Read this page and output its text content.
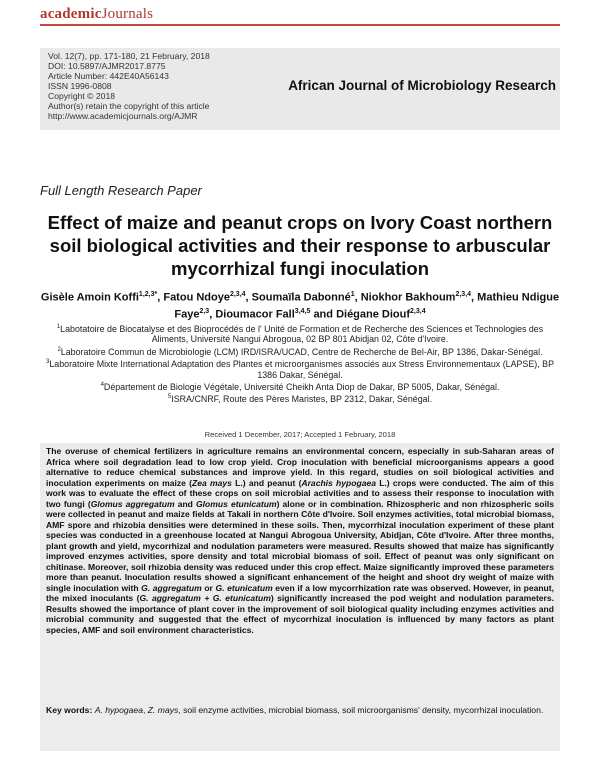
academicJournals
Vol. 12(7), pp. 171-180, 21 February, 2018
DOI: 10.5897/AJMR2017.8775
Article Number: 442E40A56143
ISSN 1996-0808
Copyright © 2018
Author(s) retain the copyright of this article
http://www.academicjournals.org/AJMR
African Journal of Microbiology Research
Full Length Research Paper
Effect of maize and peanut crops on Ivory Coast northern soil biological activities and their response to arbuscular mycorrhizal fungi inoculation
Gisèle Amoin Koffi$^{1,2,3*}$, Fatou Ndoye$^{2,3,4}$, Soumaïla Dabonné$^1$, Niokhor Bakhoum$^{2,3,4}$, Mathieu Ndigue Faye$^{2,3}$, Dioumacor Fall$^{3,4,5}$ and Diégane Diouf$^{2,3,4}$
$^1$Labotatoire de Biocatalyse et des Bioprocédés de l' Unité de Formation et de Recherche des Sciences et Technologies des Aliments, Université Nangui Abrogoua, 02 BP 801 Abidjan 02, Côte d'Ivoire.
$^2$Laboratoire Commun de Microbiologie (LCM) IRD/ISRA/UCAD, Centre de Recherche de Bel-Air, BP 1386, Dakar-Sénégal.
$^3$Laboratoire Mixte International Adaptation des Plantes et microorganismes associés aux Stress Environnementaux (LAPSE), BP 1386 Dakar, Sénégal.
$^4$Département de Biologie Végétale, Université Cheikh Anta Diop de Dakar, BP 5005, Dakar, Sénégal.
$^5$ISRA/CNRF, Route des Pères Maristes, BP 2312, Dakar, Sénégal.
Received 1 December, 2017; Accepted 1 February, 2018
The overuse of chemical fertilizers in agriculture remains an environmental concern, especially in sub-Saharan areas of Africa where soil degradation lead to low crop yield. Crop inoculation with beneficial microorganisms appears a good alternative to reduce chemical substances and improve yield. In this regard, studies on soil biological activities and inoculation experiments on maize (Zea mays L.) and peanut (Arachis hypogaea L.) crops were conducted. The aim of this work was to evaluate the effect of these crops on soil microbial activities and to assess their response to inoculation with two fungi (Glomus aggregatum and Glomus etunicatum) alone or in combination. Rhizospheric and non rhizospheric soils were collected in peanut and maize fields at Takali in northern Côte d'Ivoire. Soil enzymes activities, total microbial biomass, AMF spore and rhizobia densities were determined in these soils. Then, mycorrhizal inoculation experiment of these plant species was conducted in a greenhouse located at Nangui Abrogoua University, Abidjan, Côte d'Ivoire. After three months, plant growth and yield, mycorrhizal and nodulation parameters were measured. Results showed that maize has significantly improved enzymes activities, spore density and total microbial biomass of soil. Effect of peanut was only significant on chitinase. Moreover, soil rhizobia density was reduced under this crop effect. Maize significantly improved these parameters more than peanut. Inoculation results showed a significant enhancement of the height and shoot dry weight of maize with single inoculation with G. aggregatum or G. etunicatum even if a low mycorrhization rate was observed. However, in peanut, the mixed inoculants (G. aggregatum + G. etunicatum) significantly increased the pod weight and nodulation parameters. Results showed the importance of plant cover in the improvement of soil biological quality including enzymes activities and microbial community and suggested that the effect of mycorrhizal inoculation is influenced by many factors as plant species, AMF and soil environment characteristics.
Key words: A. hypogaea, Z. mays, soil enzyme activities, microbial biomass, soil microorganisms' density, mycorrhizal inoculation.
